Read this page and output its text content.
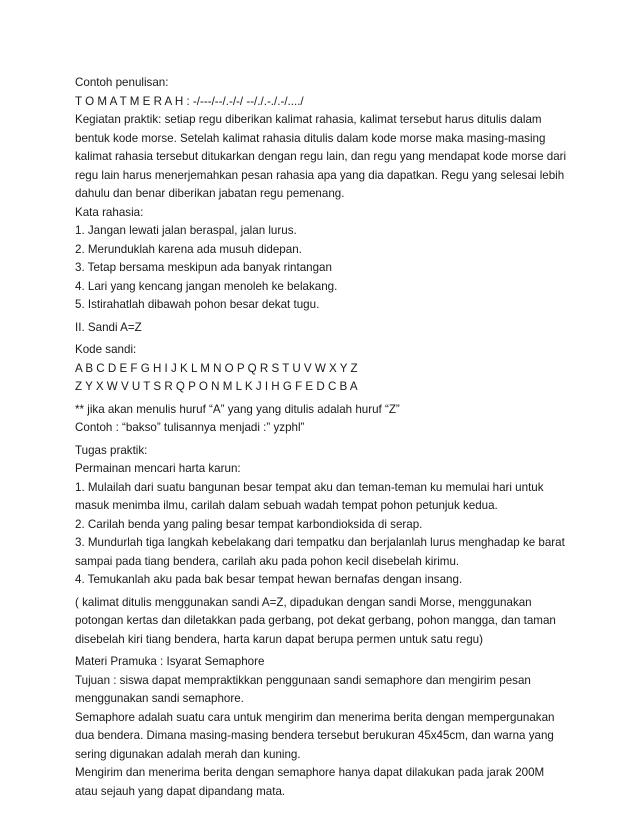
Contoh penulisan:

T O M A T M E R A H : -/---/--/.-/-/ --/./.-./.-/..../

Kegiatan praktik: setiap regu diberikan kalimat rahasia, kalimat tersebut harus ditulis dalam

bentuk kode morse. Setelah kalimat rahasia ditulis dalam kode morse maka masing-masing

kalimat rahasia tersebut ditukarkan dengan regu lain, dan regu yang mendapat kode morse dari

regu lain harus menerjemahkan pesan rahasia apa yang dia dapatkan. Regu yang selesai lebih

dahulu dan benar diberikan jabatan regu pemenang.

Kata rahasia:

1. Jangan lewati jalan beraspal, jalan lurus.

2. Merunduklah karena ada musuh didepan.

3. Tetap bersama meskipun ada banyak rintangan

4. Lari yang kencang jangan menoleh ke belakang.

5. Istirahatlah dibawah pohon besar dekat tugu.

II. Sandi A=Z

Kode sandi:

A B C D E F G H I J K L M N O P Q R S T U V W X Y Z

Z Y X W V U T S R Q P O N M L K J I H G F E D C B A

** jika akan menulis huruf “A” yang yang ditulis adalah huruf “Z”

Contoh : “bakso” tulisannya menjadi :” yzphl”

Tugas praktik:

Permainan mencari harta karun:

1. Mulailah dari suatu bangunan besar tempat aku dan teman-teman ku memulai hari untuk

masuk menimba ilmu, carilah dalam sebuah wadah tempat pohon petunjuk kedua.

2. Carilah benda yang paling besar tempat karbondioksida di serap.

3. Mundurlah tiga langkah kebelakang dari tempatku dan berjalanlah lurus menghadap ke barat

sampai pada tiang bendera, carilah aku pada pohon kecil disebelah kirimu.

4. Temukanlah aku pada bak besar tempat hewan bernafas dengan insang.

( kalimat ditulis menggunakan sandi A=Z, dipadukan dengan sandi Morse, menggunakan

potongan kertas dan diletakkan pada gerbang, pot dekat gerbang, pohon mangga, dan taman

disebelah kiri tiang bendera, harta karun dapat berupa permen untuk satu regu)

Materi Pramuka : Isyarat Semaphore

Tujuan : siswa dapat mempraktikkan penggunaan sandi semaphore dan mengirim pesan

menggunakan sandi semaphore.

Semaphore adalah suatu cara untuk mengirim dan menerima berita dengan mempergunakan

dua bendera. Dimana masing-masing bendera tersebut berukuran 45x45cm, dan warna yang

sering digunakan adalah merah dan kuning.

Mengirim dan menerima berita dengan semaphore hanya dapat dilakukan pada jarak 200M

atau sejauh yang dapat dipandang mata.
